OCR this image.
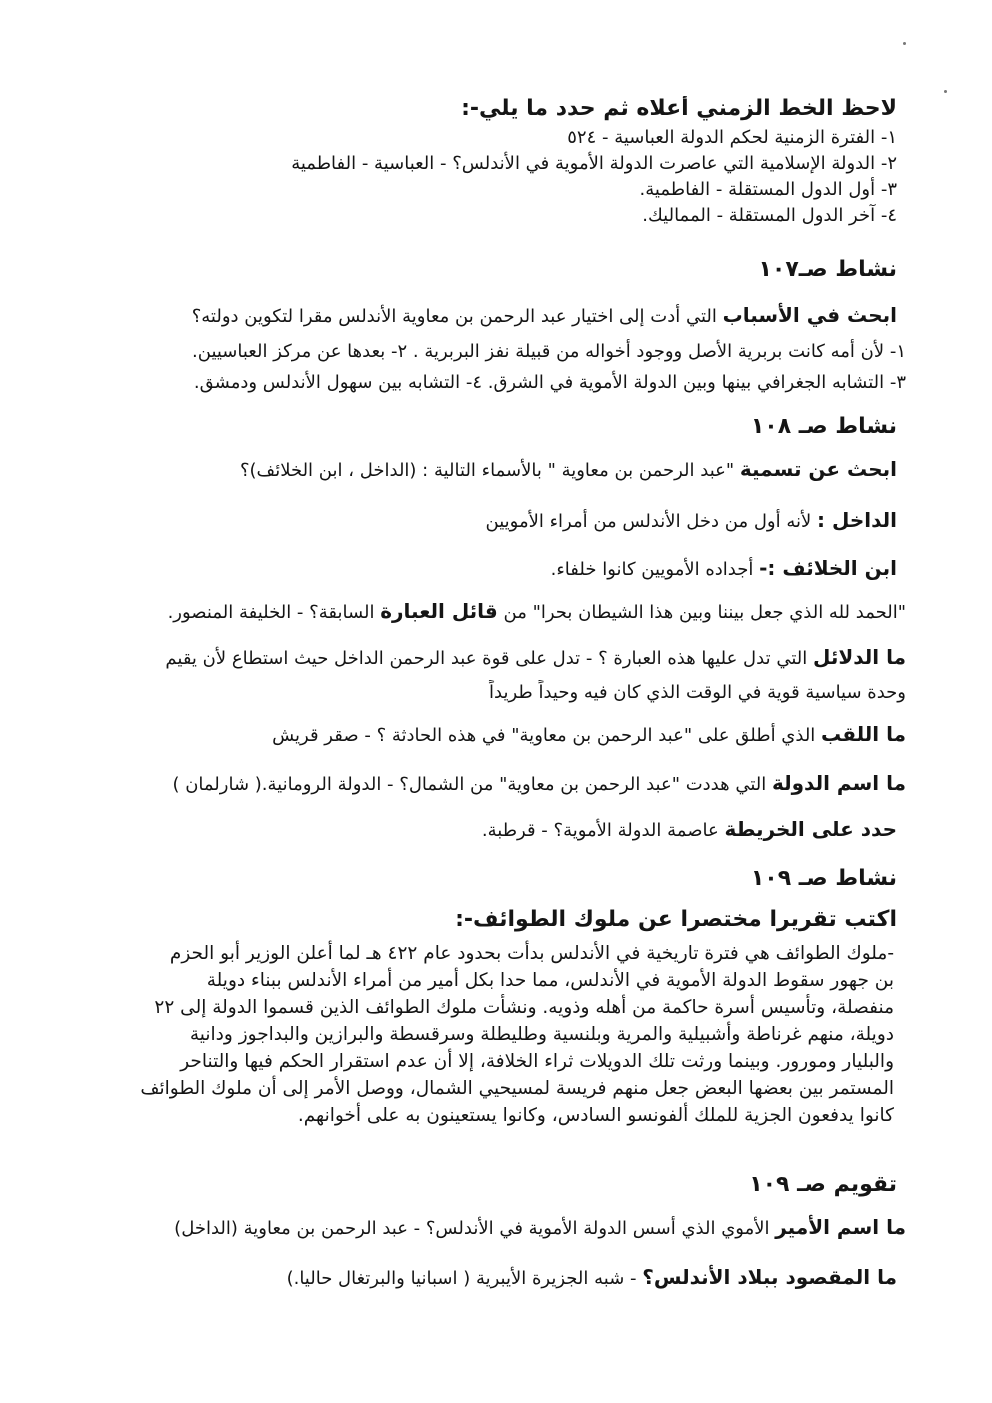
لاحظ الخط الزمني أعلاه ثم حدد ما يلي-:
١- الفترة الزمنية لحكم الدولة العباسية - ٥٢٤
٢- الدولة الإسلامية التي عاصرت الدولة الأموية في الأندلس؟ - العباسية - الفاطمية
٣- أول الدول المستقلة - الفاطمية.
٤- آخر الدول المستقلة - المماليك.
نشاط صـ١٠٧
ابحث في الأسباب التي أدت إلى اختيار عبد الرحمن بن معاوية الأندلس مقرا لتكوين دولته؟
١- لأن أمه كانت بربرية الأصل ووجود أخواله من قبيلة نفز البربرية . ٢- بعدها عن مركز العباسيين.
٣- التشابه الجغرافي بينها وبين الدولة الأموية في الشرق. ٤- التشابه بين سهول الأندلس ودمشق.
نشاط صـ ١٠٨
ابحث عن تسمية "عبد الرحمن بن معاوية " بالأسماء التالية : (الداخل ، ابن الخلائف)؟
الداخل : لأنه أول من دخل الأندلس من أمراء الأمويين
ابن الخلائف :- أجداده الأمويين كانوا خلفاء.
"الحمد لله الذي جعل بيننا وبين هذا الشيطان بحرا" من قائل العبارة السابقة؟ - الخليفة المنصور.
ما الدلائل التي تدل عليها هذه العبارة ؟ - تدل على قوة عبد الرحمن الداخل حيث استطاع لأن يقيم
وحدة سياسية قوية في الوقت الذي كان فيه وحيداً طريداً
ما اللقب الذي أطلق على "عبد الرحمن بن معاوية" في هذه الحادثة ؟ - صقر قريش
ما اسم الدولة التي هددت "عبد الرحمن بن معاوية" من الشمال؟ - الدولة الرومانية.( شارلمان )
حدد على الخريطة عاصمة الدولة الأموية؟ - قرطبة.
نشاط صـ ١٠٩
اكتب تقريرا مختصرا عن ملوك الطوائف-:
-ملوك الطوائف هي فترة تاريخية في الأندلس بدأت بحدود عام ٤٢٢ هـ لما أعلن الوزير أبو الحزم
بن جهور سقوط الدولة الأموية في الأندلس، مما حدا بكل أمير من أمراء الأندلس ببناء دويلة
منفصلة، وتأسيس أسرة حاكمة من أهله وذويه. ونشأت ملوك الطوائف الذين قسموا الدولة إلى ٢٢
دويلة، منهم غرناطة وأشبيلية والمرية وبلنسية وطليطلة وسرقسطة والبرازين والبداجوز ودانية
والبليار ومورور. وبينما ورثت تلك الدويلات ثراء الخلافة، إلا أن عدم استقرار الحكم فيها والتناحر
المستمر بين بعضها البعض جعل منهم فريسة لمسيحيي الشمال، ووصل الأمر إلى أن ملوك الطوائف
كانوا يدفعون الجزية للملك ألفونسو السادس، وكانوا يستعينون به على أخوانهم.
تقويم صـ ١٠٩
ما اسم الأمير الأموي الذي أسس الدولة الأموية في الأندلس؟ - عبد الرحمن بن معاوية (الداخل)
ما المقصود ببلاد الأندلس؟ - شبه الجزيرة الأيبرية ( اسبانيا والبرتغال حاليا.)
